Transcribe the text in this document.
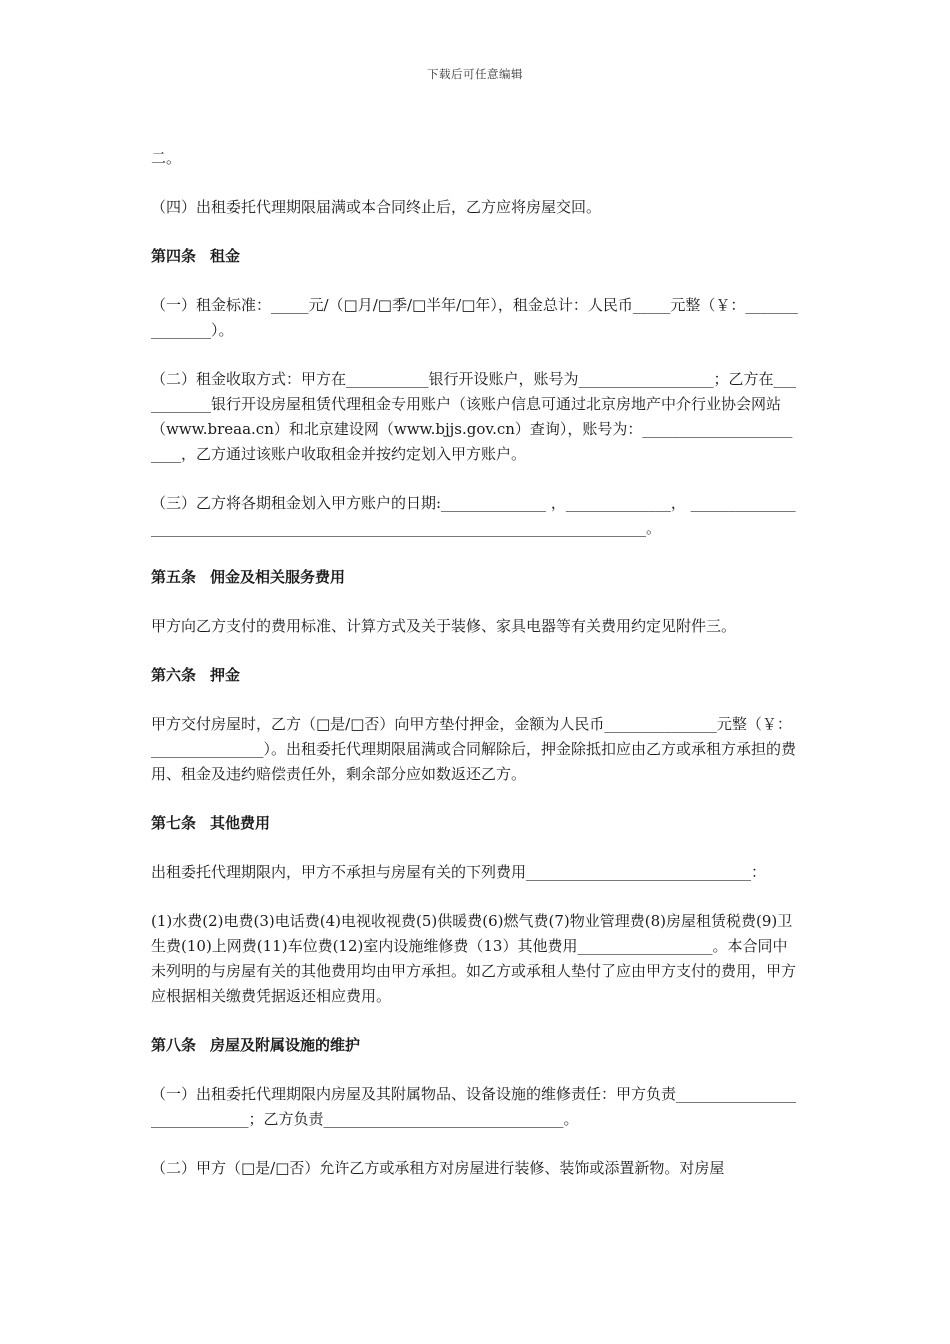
下载后可任意编辑

二。

（四）出租委托代理期限届满或本合同终止后，乙方应将房屋交回。

第四条 租金

（一）租金标准：_____元/（□月/□季/□半年/□年），租金总计：人民币_____元整（￥：_______________）。

（二）租金收取方式：甲方在___________银行开设账户，账号为__________________；乙方在___________银行开设房屋租赁代理租金专用账户（该账户信息可通过北京房地产中介行业协会网站（www.breaa.cn）和北京建设网（www.bjjs.gov.cn）查询），账号为：________________________，乙方通过该账户收取租金并按约定划入甲方账户。

（三）乙方将各期租金划入甲方账户的日期:______________ ，______________， ________________________________________________________________________________。

第五条 佣金及相关服务费用

甲方向乙方支付的费用标准、计算方式及关于装修、家具电器等有关费用约定见附件三。

第六条 押金

甲方交付房屋时，乙方（□是/□否）向甲方垫付押金，金额为人民币_______________元整（￥：_______________）。出租委托代理期限届满或合同解除后，押金除抵扣应由乙方或承租方承担的费用、租金及违约赔偿责任外，剩余部分应如数返还乙方。

第七条 其他费用

出租委托代理期限内，甲方不承担与房屋有关的下列费用______________________________：

(1)水费(2)电费(3)电话费(4)电视收视费(5)供暖费(6)燃气费(7)物业管理费(8)房屋租赁税费(9)卫生费(10)上网费(11)车位费(12)室内设施维修费（13）其他费用__________________。本合同中未列明的与房屋有关的其他费用均由甲方承担。如乙方或承租人垫付了应由甲方支付的费用，甲方应根据相关缴费凭据返还相应费用。

第八条 房屋及附属设施的维护

（一）出租委托代理期限内房屋及其附属物品、设备设施的维修责任：甲方负责_____________________________；乙方负责________________________________。

（二）甲方（□是/□否）允许乙方或承租方对房屋进行装修、装饰或添置新物。对房屋
